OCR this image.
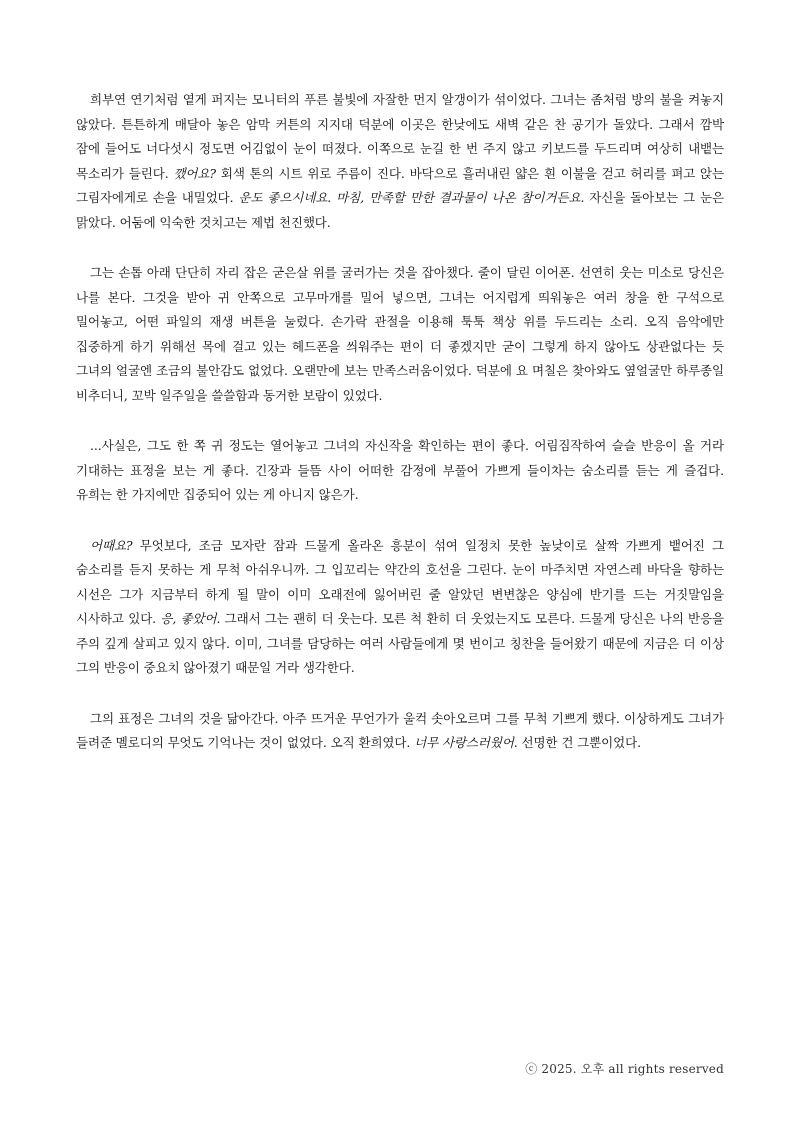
희부연 연기처럼 옅게 퍼지는 모니터의 푸른 불빛에 자잘한 먼지 알갱이가 섞이었다. 그녀는 좀처럼 방의 불을 켜놓지 않았다. 튼튼하게 매달아 놓은 암막 커튼의 지지대 덕분에 이곳은 한낮에도 새벽 같은 찬 공기가 돌았다. 그래서 깜박 잠에 들어도 너다섯시 정도면 어김없이 눈이 떠졌다. 이쪽으로 눈길 한 번 주지 않고 키보드를 두드리며 여상히 내뱉는 목소리가 들린다. 깼어요? 회색 톤의 시트 위로 주름이 진다. 바닥으로 흘러내린 얇은 흰 이불을 걷고 허리를 펴고 앉는 그림자에게로 손을 내밀었다. 운도 좋으시네요. 마침, 만족할 만한 결과물이 나온 참이거든요. 자신을 돌아보는 그 눈은 맑았다. 어둠에 익숙한 것치고는 제법 천진했다.

그는 손톱 아래 단단히 자리 잡은 굳은살 위를 굴러가는 것을 잡아챘다. 줄이 달린 이어폰. 선연히 웃는 미소로 당신은 나를 본다. 그것을 받아 귀 안쪽으로 고무마개를 밀어 넣으면, 그녀는 어지럽게 띄워놓은 여러 창을 한 구석으로 밀어놓고, 어떤 파일의 재생 버튼을 눌렀다. 손가락 관절을 이용해 툭툭 책상 위를 두드리는 소리. 오직 음악에만 집중하게 하기 위해선 목에 걸고 있는 헤드폰을 씌워주는 편이 더 좋겠지만 굳이 그렇게 하지 않아도 상관없다는 듯 그녀의 얼굴엔 조금의 불안감도 없었다. 오랜만에 보는 만족스러움이었다. 덕분에 요 며칠은 찾아와도 옆얼굴만 하루종일 비추더니, 꼬박 일주일을 쓸쓸함과 동거한 보람이 있었다.

...사실은, 그도 한 쪽 귀 정도는 열어놓고 그녀의 자신작을 확인하는 편이 좋다. 어림짐작하여 슬슬 반응이 올 거라 기대하는 표정을 보는 게 좋다. 긴장과 들뜸 사이 어떠한 감정에 부풀어 가쁘게 들이차는 숨소리를 듣는 게 즐겁다. 유희는 한 가지에만 집중되어 있는 게 아니지 않은가.

어때요? 무엇보다, 조금 모자란 잠과 드물게 올라온 흥분이 섞여 일정치 못한 높낮이로 살짝 가쁘게 뱉어진 그 숨소리를 듣지 못하는 게 무척 아쉬우니까. 그 입꼬리는 약간의 호선을 그린다. 눈이 마주치면 자연스레 바닥을 향하는 시선은 그가 지금부터 하게 될 말이 이미 오래전에 잃어버린 줄 알았던 변변찮은 양심에 반기를 드는 거짓말임을 시사하고 있다. 응, 좋았어. 그래서 그는 괜히 더 웃는다. 모른 척 환히 더 웃었는지도 모른다. 드물게 당신은 나의 반응을 주의 깊게 살피고 있지 않다. 이미, 그녀를 담당하는 여러 사람들에게 몇 번이고 칭찬을 들어왔기 때문에 지금은 더 이상 그의 반응이 중요치 않아졌기 때문일 거라 생각한다.

그의 표정은 그녀의 것을 닮아간다. 아주 뜨거운 무언가가 울컥 솟아오르며 그를 무척 기쁘게 했다. 이상하게도 그녀가 들려준 멜로디의 무엇도 기억나는 것이 없었다. 오직 환희였다. 너무 사랑스러웠어. 선명한 건 그뿐이었다.

ⓒ 2025. 오후 all rights reserved
